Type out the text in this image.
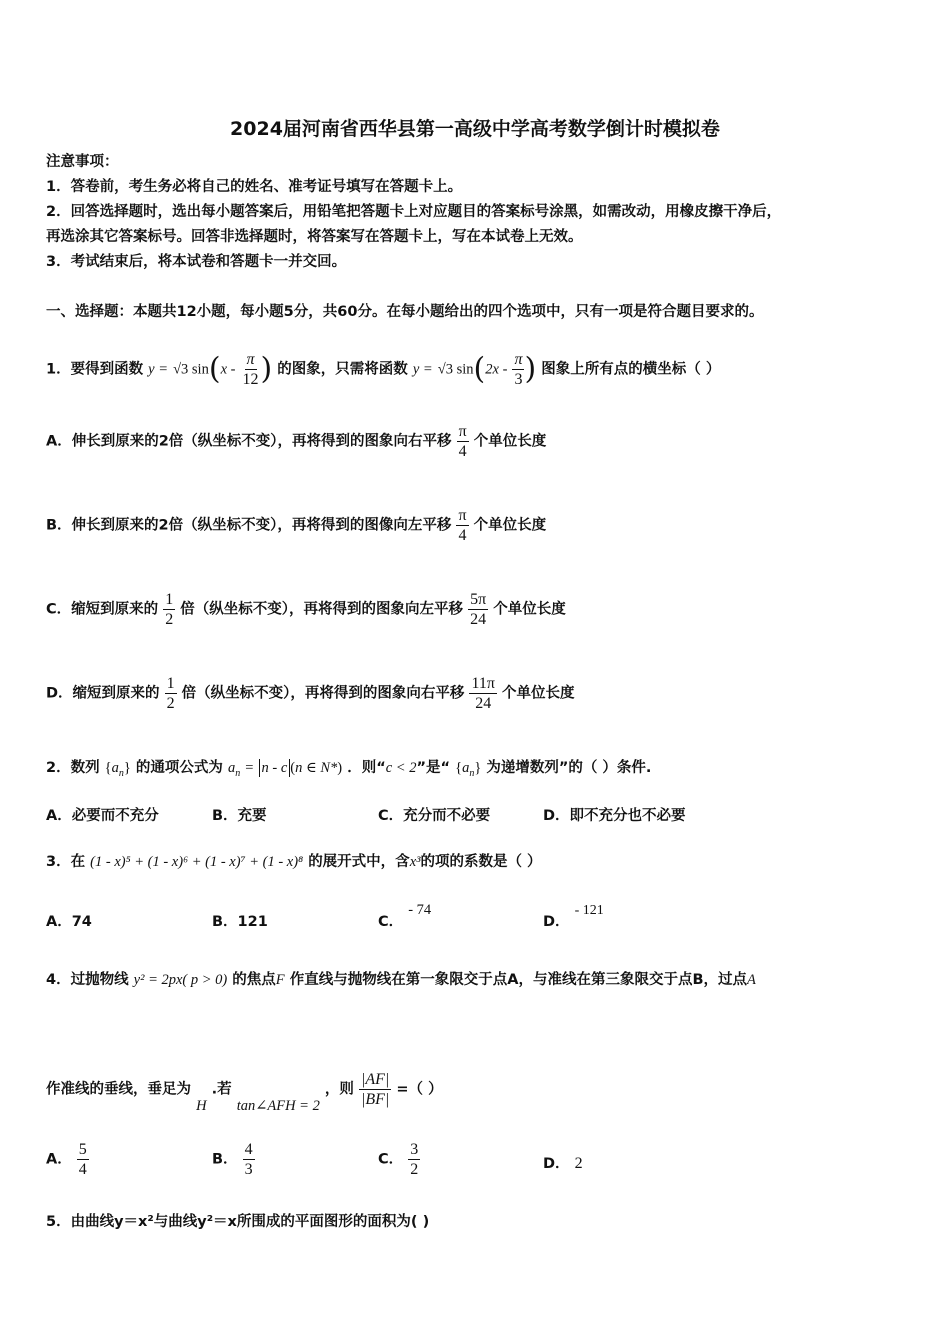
2024届河南省西华县第一高级中学高考数学倒计时模拟卷
注意事项：
1．答卷前，考生务必将自己的姓名、准考证号填写在答题卡上。
2．回答选择题时，选出每小题答案后，用铅笔把答题卡上对应题目的答案标号涂黑，如需改动，用橡皮擦干净后，
再选涂其它答案标号。回答非选择题时，将答案写在答题卡上，写在本试卷上无效。
3．考试结束后，将本试卷和答题卡一并交回。
一、选择题：本题共12小题，每小题5分，共60分。在每小题给出的四个选项中，只有一项是符合题目要求的。
1．要得到函数 y = √3 $\sin(x - \frac{\pi}{12}$ ) 的图象，只需将函数 y = √3 $\sin(2x - \frac{\pi}{3}$ ) 图象上所有点的横坐标（ ）
A．伸长到原来的2倍（纵坐标不变），再将得到的图象向右平移 $\frac{\pi}{4}$ 个单位长度
B．伸长到原来的2倍（纵坐标不变），再将得到的图像向左平移 $\frac{\pi}{4}$ 个单位长度
C．缩短到原来的 $\frac{1}{2}$ 倍（纵坐标不变），再将得到的图象向左平移 $\frac{5\pi}{24}$ 个单位长度
D．缩短到原来的 $\frac{1}{2}$ 倍（纵坐标不变），再将得到的图象向右平移 $\frac{11\pi}{24}$ 个单位长度
2．数列 $\{a_n\}$ 的通项公式为 $a_n = n - c$ (n ∈ N*) ．则“c < 2”是“ $\{a_n\}$ 为递增数列”的（ ）条件.
A．必要而不充分	B．充要	C．充分而不必要	D．即不充分也不必要
3．在 (1 - x)⁵ + (1 - x)⁶ + (1 - x)⁷ + (1 - x)⁸ 的展开式中，含x³的项的系数是（ ）
A．74	B．121	C． - 74
D． - 121
4．过抛物线 y² = 2px( p > 0) 的焦点F 作直线与抛物线在第一象限交于点A，与准线在第三象限交于点B，过点A
作准线的垂线，垂足为 H .若 tan∠AFH = 2 ，则 $\frac{|AF|}{|BF|}$ =（ ）
A． $\frac{5}{4}$	B． $\frac{4}{3}$	C． $\frac{3}{2}$	D． 2
5．由曲线y＝x²与曲线y²＝x所围成的平面图形的面积为( )
